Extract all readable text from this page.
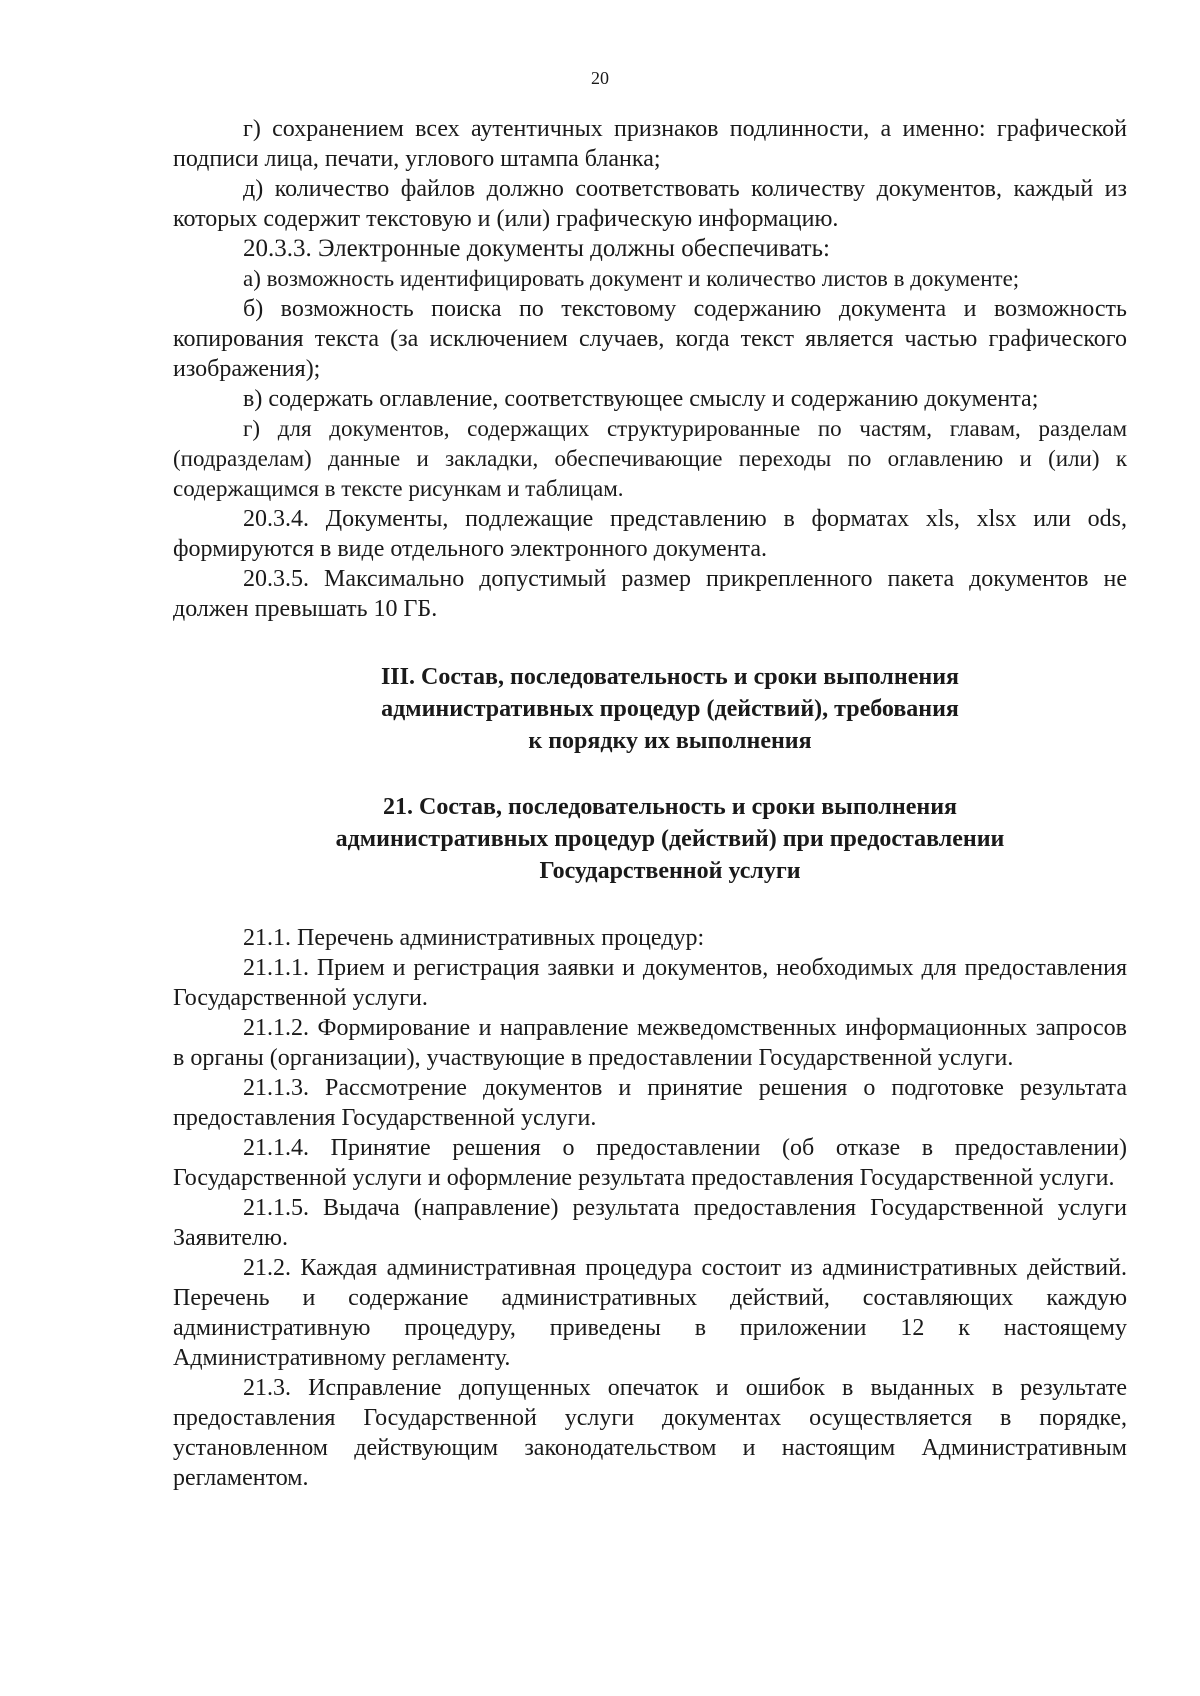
20

г) сохранением всех аутентичных признаков подлинности, а именно: графической подписи лица, печати, углового штампа бланка;

д) количество файлов должно соответствовать количеству документов, каждый из которых содержит текстовую и (или) графическую информацию.

20.3.3. Электронные документы должны обеспечивать:

а) возможность идентифицировать документ и количество листов в документе;

б) возможность поиска по текстовому содержанию документа и возможность копирования текста (за исключением случаев, когда текст является частью графического изображения);

в) содержать оглавление, соответствующее смыслу и содержанию документа;

г) для документов, содержащих структурированные по частям, главам, разделам (подразделам) данные и закладки, обеспечивающие переходы по оглавлению и (или) к содержащимся в тексте рисункам и таблицам.

20.3.4. Документы, подлежащие представлению в форматах xls, xlsx или ods, формируются в виде отдельного электронного документа.

20.3.5. Максимально допустимый размер прикрепленного пакета документов не должен превышать 10 ГБ.

III. Состав, последовательность и сроки выполнения
административных процедур (действий), требования
к порядку их выполнения
21. Состав, последовательность и сроки выполнения
административных процедур (действий) при предоставлении
Государственной услуги

21.1. Перечень административных процедур:

21.1.1. Прием и регистрация заявки и документов, необходимых для предоставления Государственной услуги.

21.1.2. Формирование и направление межведомственных информационных запросов в органы (организации), участвующие в предоставлении Государственной услуги.

21.1.3. Рассмотрение документов и принятие решения о подготовке результата предоставления Государственной услуги.

21.1.4. Принятие решения о предоставлении (об отказе в предоставлении) Государственной услуги и оформление результата предоставления Государственной услуги.

21.1.5. Выдача (направление) результата предоставления Государственной услуги Заявителю.

21.2. Каждая административная процедура состоит из административных действий. Перечень и содержание административных действий, составляющих каждую административную процедуру, приведены в приложении 12 к настоящему Административному регламенту.

21.3. Исправление допущенных опечаток и ошибок в выданных в результате предоставления Государственной услуги документах осуществляется в порядке, установленном действующим законодательством и настоящим Административным регламентом.
